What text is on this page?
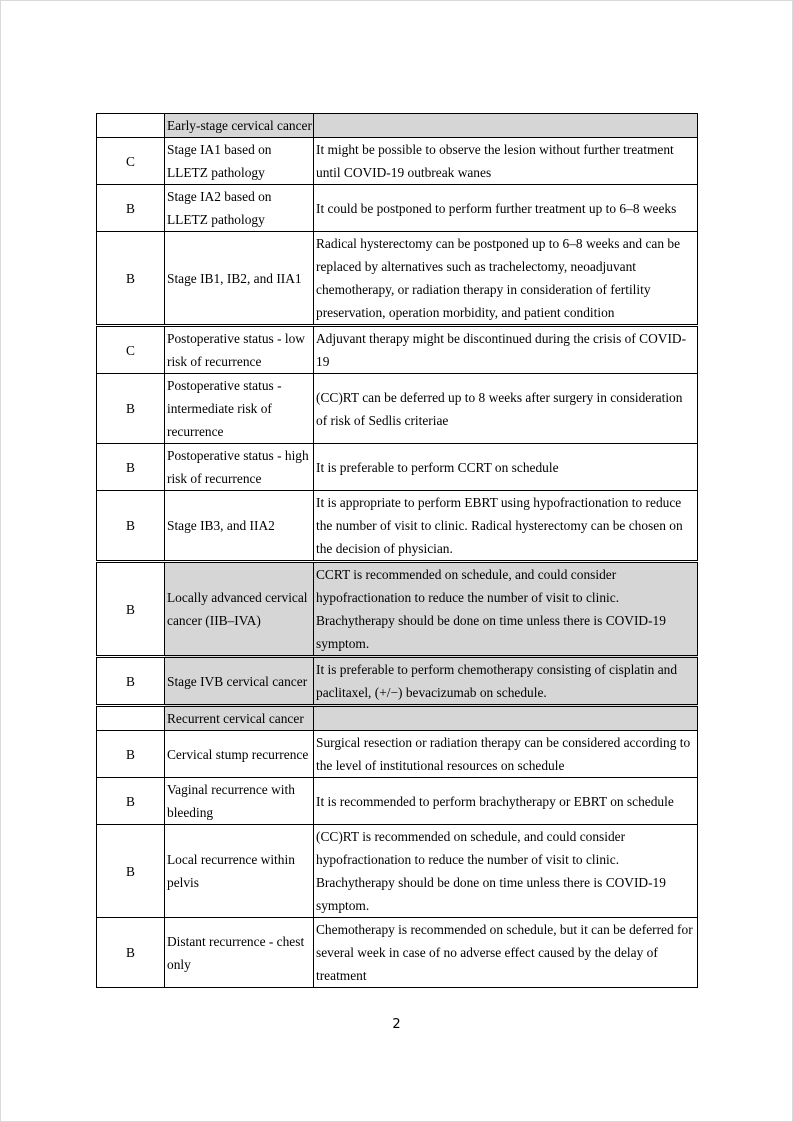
	Early-stage cervical cancer	
C	Stage IA1 based on LLETZ pathology	It might be possible to observe the lesion without further treatment until COVID-19 outbreak wanes
B	Stage IA2 based on LLETZ pathology	It could be postponed to perform further treatment up to 6–8 weeks
B	Stage IB1, IB2, and IIA1	Radical hysterectomy can be postponed up to 6–8 weeks and can be replaced by alternatives such as trachelectomy, neoadjuvant chemotherapy, or radiation therapy in consideration of fertility preservation, operation morbidity, and patient condition
C	Postoperative status - low risk of recurrence	Adjuvant therapy might be discontinued during the crisis of COVID-19
B	Postoperative status - intermediate risk of recurrence	(CC)RT can be deferred up to 8 weeks after surgery in consideration of risk of Sedlis criteriae
B	Postoperative status - high risk of recurrence	It is preferable to perform CCRT on schedule
B	Stage IB3, and IIA2	It is appropriate to perform EBRT using hypofractionation to reduce the number of visit to clinic. Radical hysterectomy can be chosen on the decision of physician.
B	Locally advanced cervical cancer (IIB–IVA)	CCRT is recommended on schedule, and could consider hypofractionation to reduce the number of visit to clinic. Brachytherapy should be done on time unless there is COVID-19 symptom.
B	Stage IVB cervical cancer	It is preferable to perform chemotherapy consisting of cisplatin and paclitaxel, (+/−) bevacizumab on schedule.
	Recurrent cervical cancer	
B	Cervical stump recurrence	Surgical resection or radiation therapy can be considered according to the level of institutional resources on schedule
B	Vaginal recurrence with bleeding	It is recommended to perform brachytherapy or EBRT on schedule
B	Local recurrence within pelvis	(CC)RT is recommended on schedule, and could consider hypofractionation to reduce the number of visit to clinic. Brachytherapy should be done on time unless there is COVID-19 symptom.
B	Distant recurrence - chest only	Chemotherapy is recommended on schedule, but it can be deferred for several week in case of no adverse effect caused by the delay of treatment
2
